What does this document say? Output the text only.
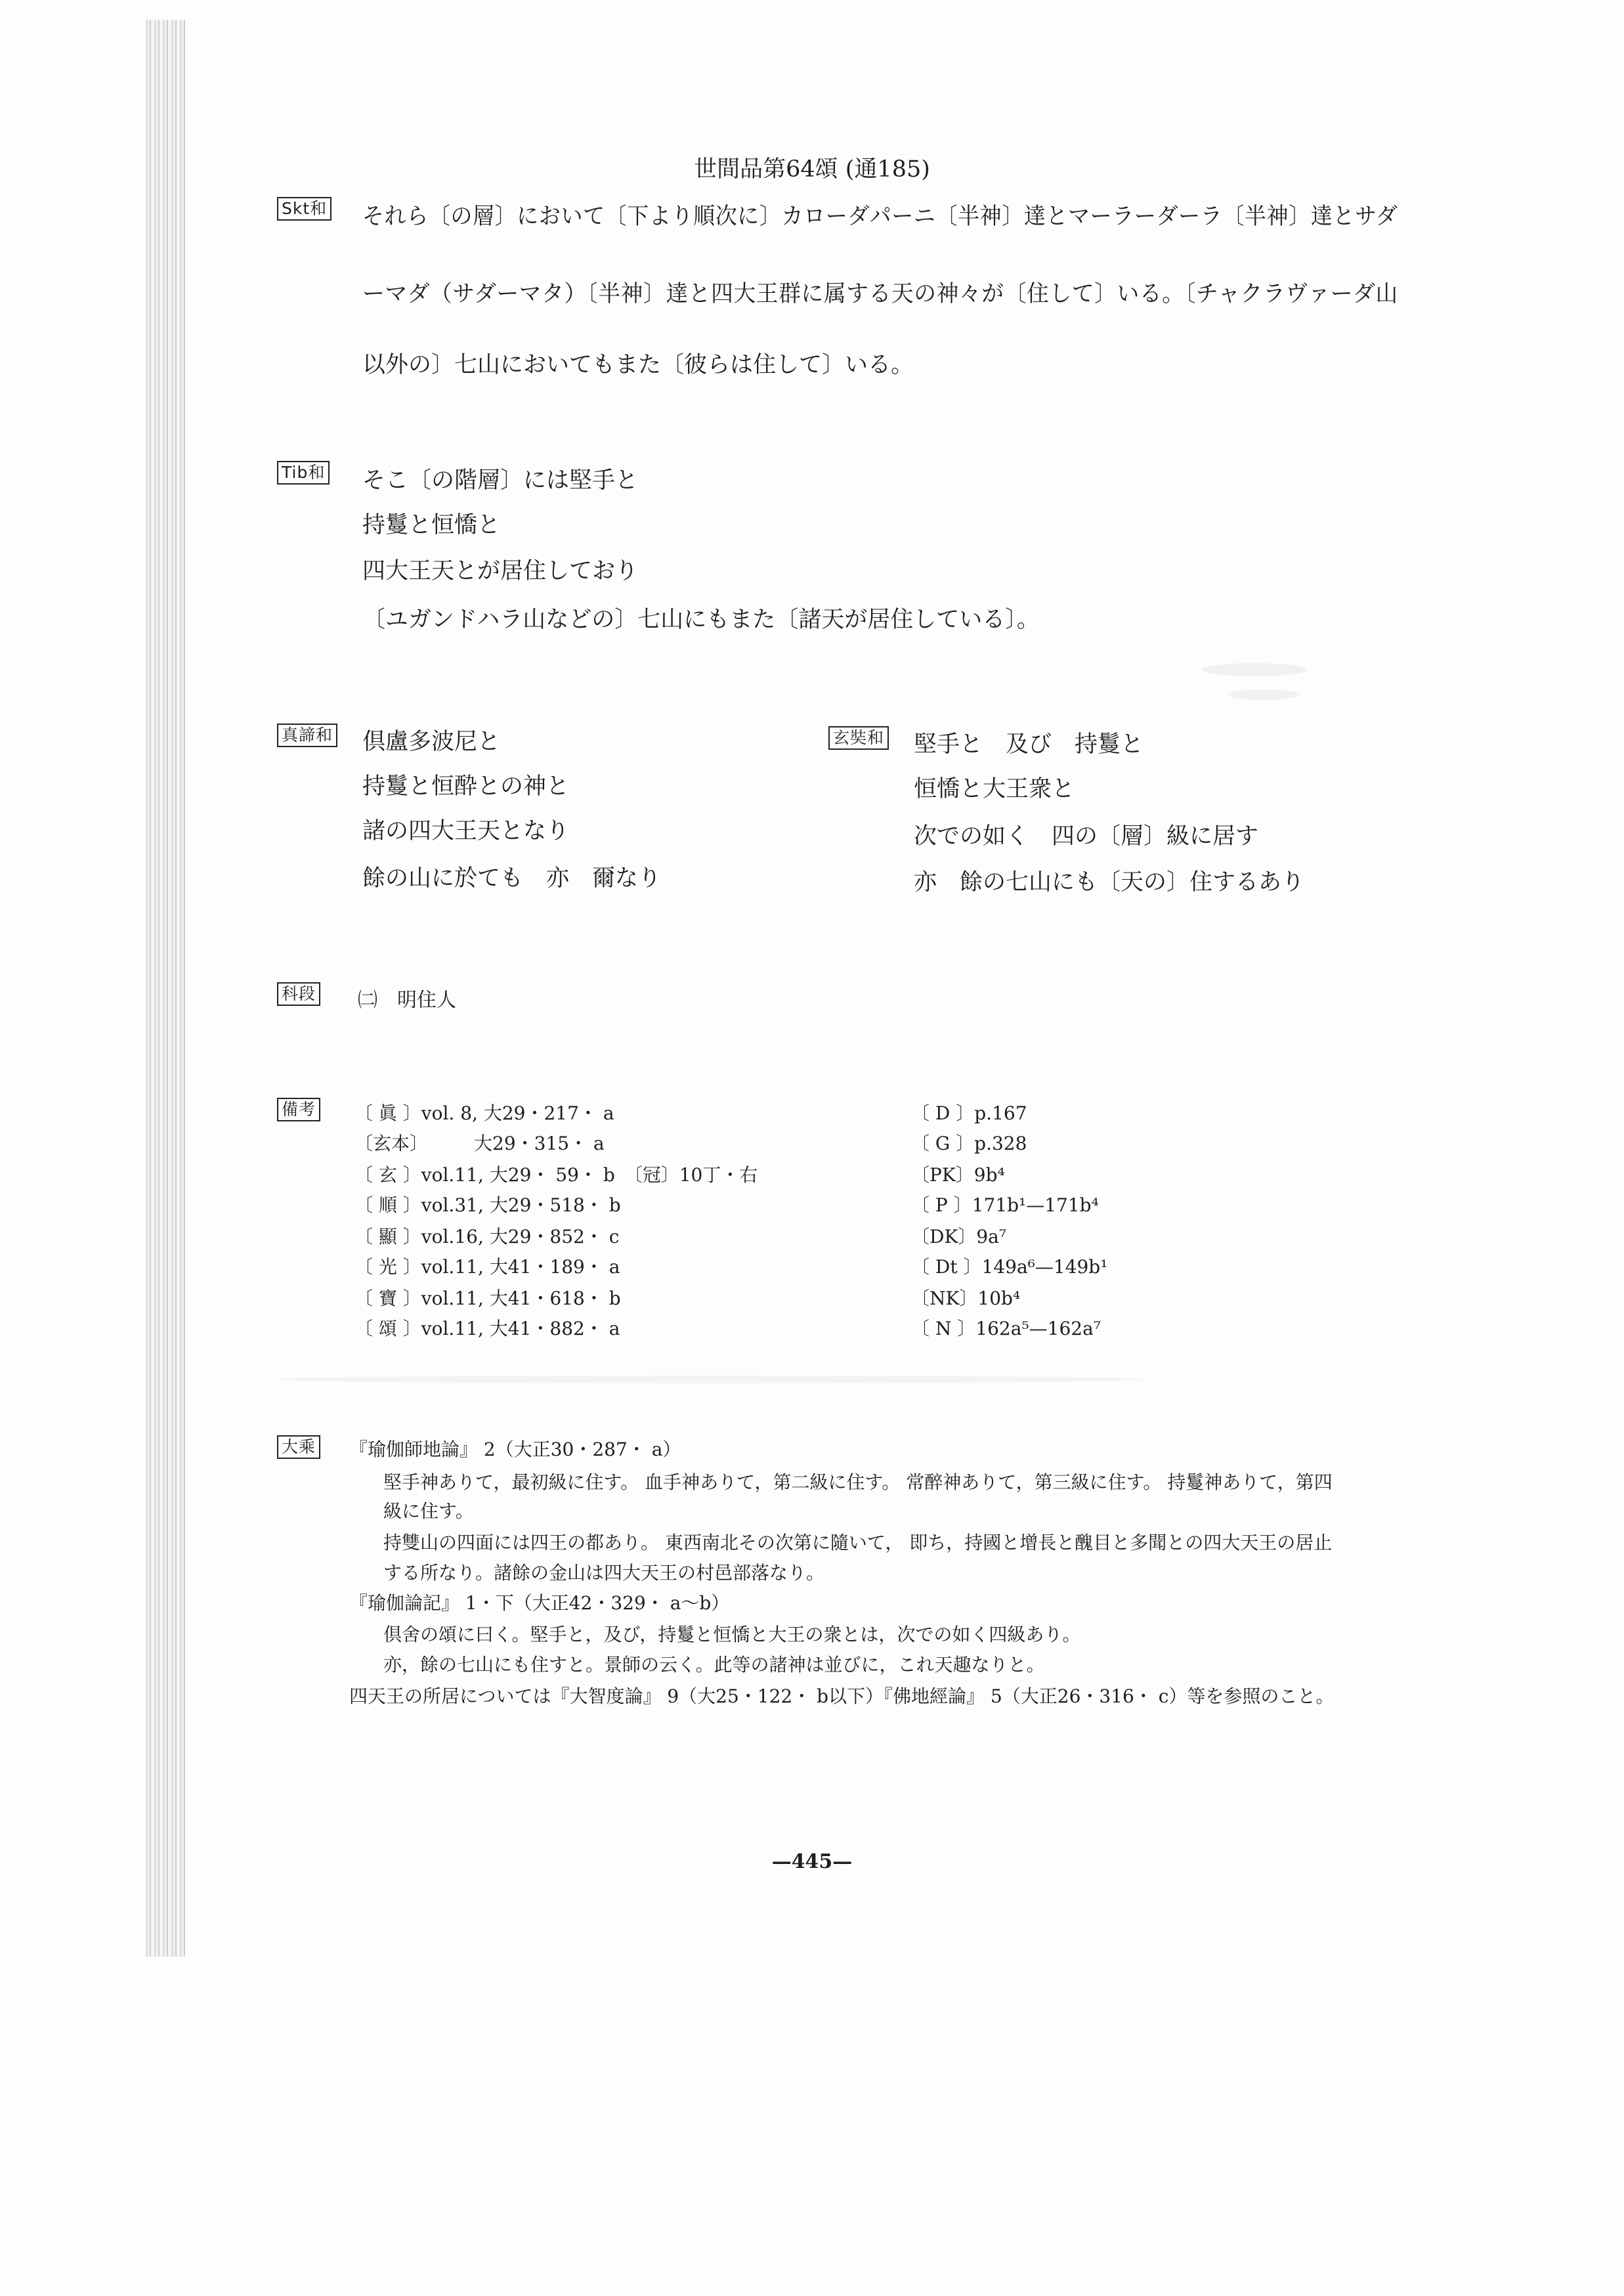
世間品第64頌 (通185)
Skt和 それら〔の層〕において〔下より順次に〕カローダパーニ〔半神〕達とマーラーダーラ〔半神〕達とサダ
ーマダ（サダーマタ）〔半神〕達と四大王群に属する天の神々が〔住して〕いる。〔チャクラヴァーダ山
以外の〕七山においてもまた〔彼らは住して〕いる。
Tib和 そこ〔の階層〕には堅手と
持鬘と恒憍と
四大王天とが居住しており
〔ユガンドハラ山などの〕七山にもまた〔諸天が居住している〕。
真諦和 倶盧多波尼と
持鬘と恒酔との神と
諸の四大王天となり
餘の山に於ても　亦　爾なり
玄奘和 堅手と　及び　持鬘と
恒憍と大王衆と
次での如く　四の〔層〕級に居す
亦　餘の七山にも〔天の〕住するあり
科段 ㈡　明住人
備考 〔 眞 〕vol. 8, 大29・217・ a
〔玄本〕　　　大29・315・ a
〔 玄 〕vol.11, 大29・ 59・ b　〔冠〕10丁・右
〔 順 〕vol.31, 大29・518・ b
〔 顯 〕vol.16, 大29・852・ c
〔 光 〕vol.11, 大41・189・ a
〔 寶 〕vol.11, 大41・618・ b
〔 頌 〕vol.11, 大41・882・ a
〔 D 〕p.167
〔 G 〕p.328
〔PK〕9b⁴
〔 P 〕171b¹—171b⁴
〔DK〕9a⁷
〔 Dt 〕149a⁶—149b¹
〔NK〕10b⁴
〔 N 〕162a⁵—162a⁷
大乘 『瑜伽師地論』 2（大正30・287・ a）
堅手神ありて，最初級に住す。 血手神ありて，第二級に住す。 常醉神ありて，第三級に住す。 持鬘神ありて，第四
級に住す。
持雙山の四面には四王の都あり。 東西南北その次第に隨いて， 即ち，持國と增長と醜目と多聞との四大天王の居止
する所なり。諸餘の金山は四大天王の村邑部落なり。
『瑜伽論記』 1・下（大正42・329・ a～b）
倶舍の頌に曰く。堅手と，及び，持鬘と恒憍と大王の衆とは，次での如く四級あり。
亦，餘の七山にも住すと。景師の云く。此等の諸神は並びに，これ天趣なりと。
四天王の所居については『大智度論』 9（大25・122・ b以下）『佛地經論』 5（大正26・316・ c）等を参照のこと。
—445—
